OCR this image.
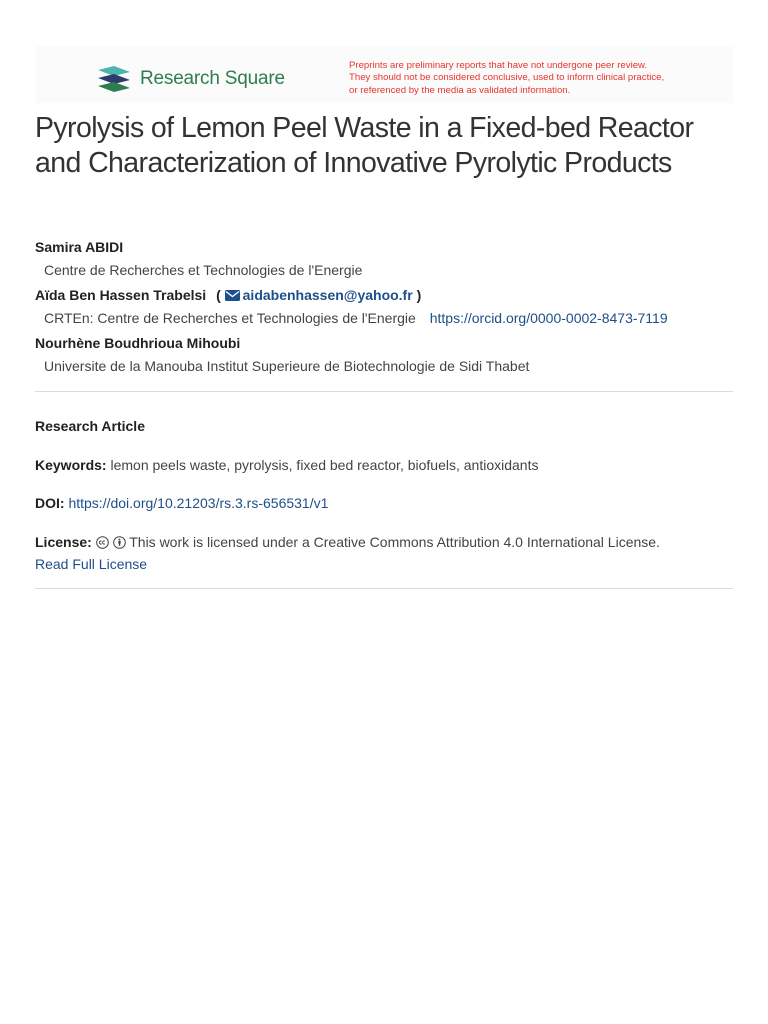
Research Square
Preprints are preliminary reports that have not undergone peer review.
They should not be considered conclusive, used to inform clinical practice,
or referenced by the media as validated information.
Pyrolysis of Lemon Peel Waste in a Fixed-bed Reactor and Characterization of Innovative Pyrolytic Products
Samira ABIDI
Centre de Recherches et Technologies de l'Energie
Aïda Ben Hassen Trabelsi ( aidabenhassen@yahoo.fr )
CRTEn: Centre de Recherches et Technologies de l'Energie https://orcid.org/0000-0002-8473-7119
Nourhène Boudhrioua Mihoubi
Universite de la Manouba Institut Superieure de Biotechnologie de Sidi Thabet
Research Article
Keywords: lemon peels waste, pyrolysis, fixed bed reactor, biofuels, antioxidants
DOI: https://doi.org/10.21203/rs.3.rs-656531/v1
License:	This work is licensed under a Creative Commons Attribution 4.0 International License.
Read Full License
